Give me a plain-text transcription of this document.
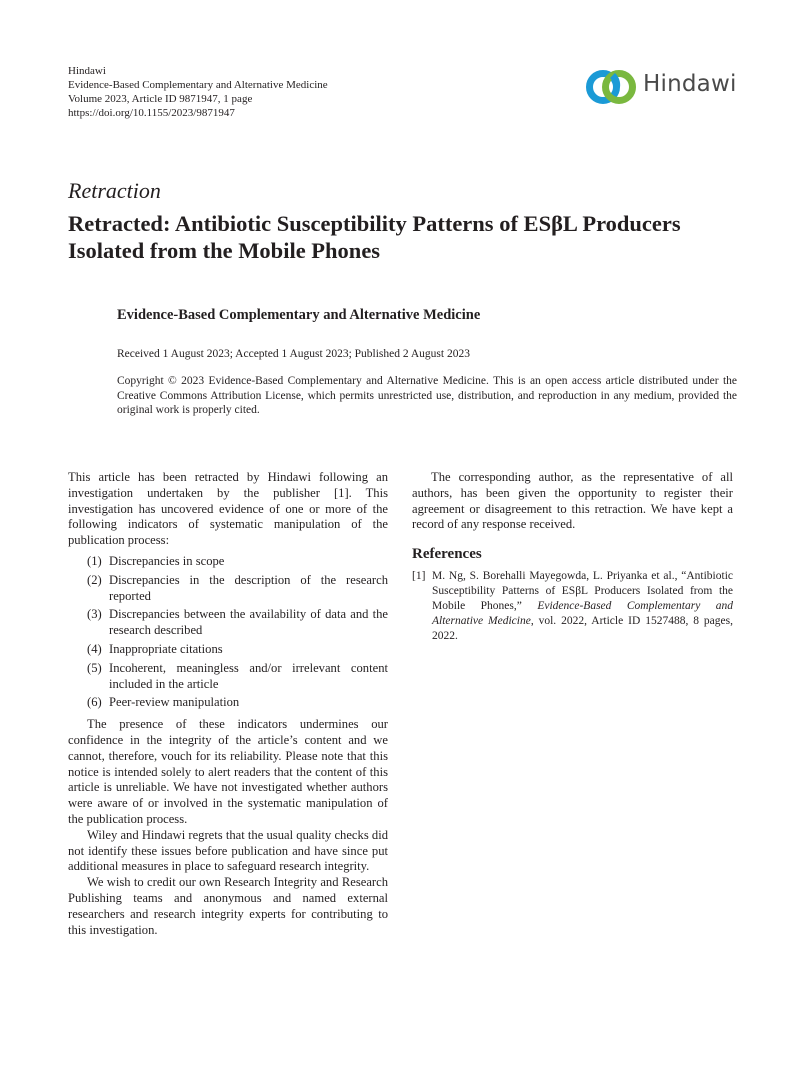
Hindawi
Evidence-Based Complementary and Alternative Medicine
Volume 2023, Article ID 9871947, 1 page
https://doi.org/10.1155/2023/9871947
Hindawi
Retraction
Retracted: Antibiotic Susceptibility Patterns of ESβL Producers Isolated from the Mobile Phones
Evidence-Based Complementary and Alternative Medicine
Received 1 August 2023; Accepted 1 August 2023; Published 2 August 2023
Copyright © 2023 Evidence-Based Complementary and Alternative Medicine. This is an open access article distributed under the Creative Commons Attribution License, which permits unrestricted use, distribution, and reproduction in any medium, provided the original work is properly cited.

This article has been retracted by Hindawi following an investigation undertaken by the publisher [1]. This investigation has uncovered evidence of one or more of the following indicators of systematic manipulation of the publication process:

(1) Discrepancies in scope
(2) Discrepancies in the description of the research reported
(3) Discrepancies between the availability of data and the research described
(4) Inappropriate citations
(5) Incoherent, meaningless and/or irrelevant content included in the article
(6) Peer-review manipulation

The presence of these indicators undermines our confidence in the integrity of the article’s content and we cannot, therefore, vouch for its reliability. Please note that this notice is intended solely to alert readers that the content of this article is unreliable. We have not investigated whether authors were aware of or involved in the systematic manipulation of the publication process.

Wiley and Hindawi regrets that the usual quality checks did not identify these issues before publication and have since put additional measures in place to safeguard research integrity.

We wish to credit our own Research Integrity and Research Publishing teams and anonymous and named external researchers and research integrity experts for contributing to this investigation.

The corresponding author, as the representative of all authors, has been given the opportunity to register their agreement or disagreement to this retraction. We have kept a record of any response received.

References
[1] M. Ng, S. Borehalli Mayegowda, L. Priyanka et al., “Antibiotic Susceptibility Patterns of ESβL Producers Isolated from the Mobile Phones,” Evidence-Based Complementary and Alternative Medicine, vol. 2022, Article ID 1527488, 8 pages, 2022.
